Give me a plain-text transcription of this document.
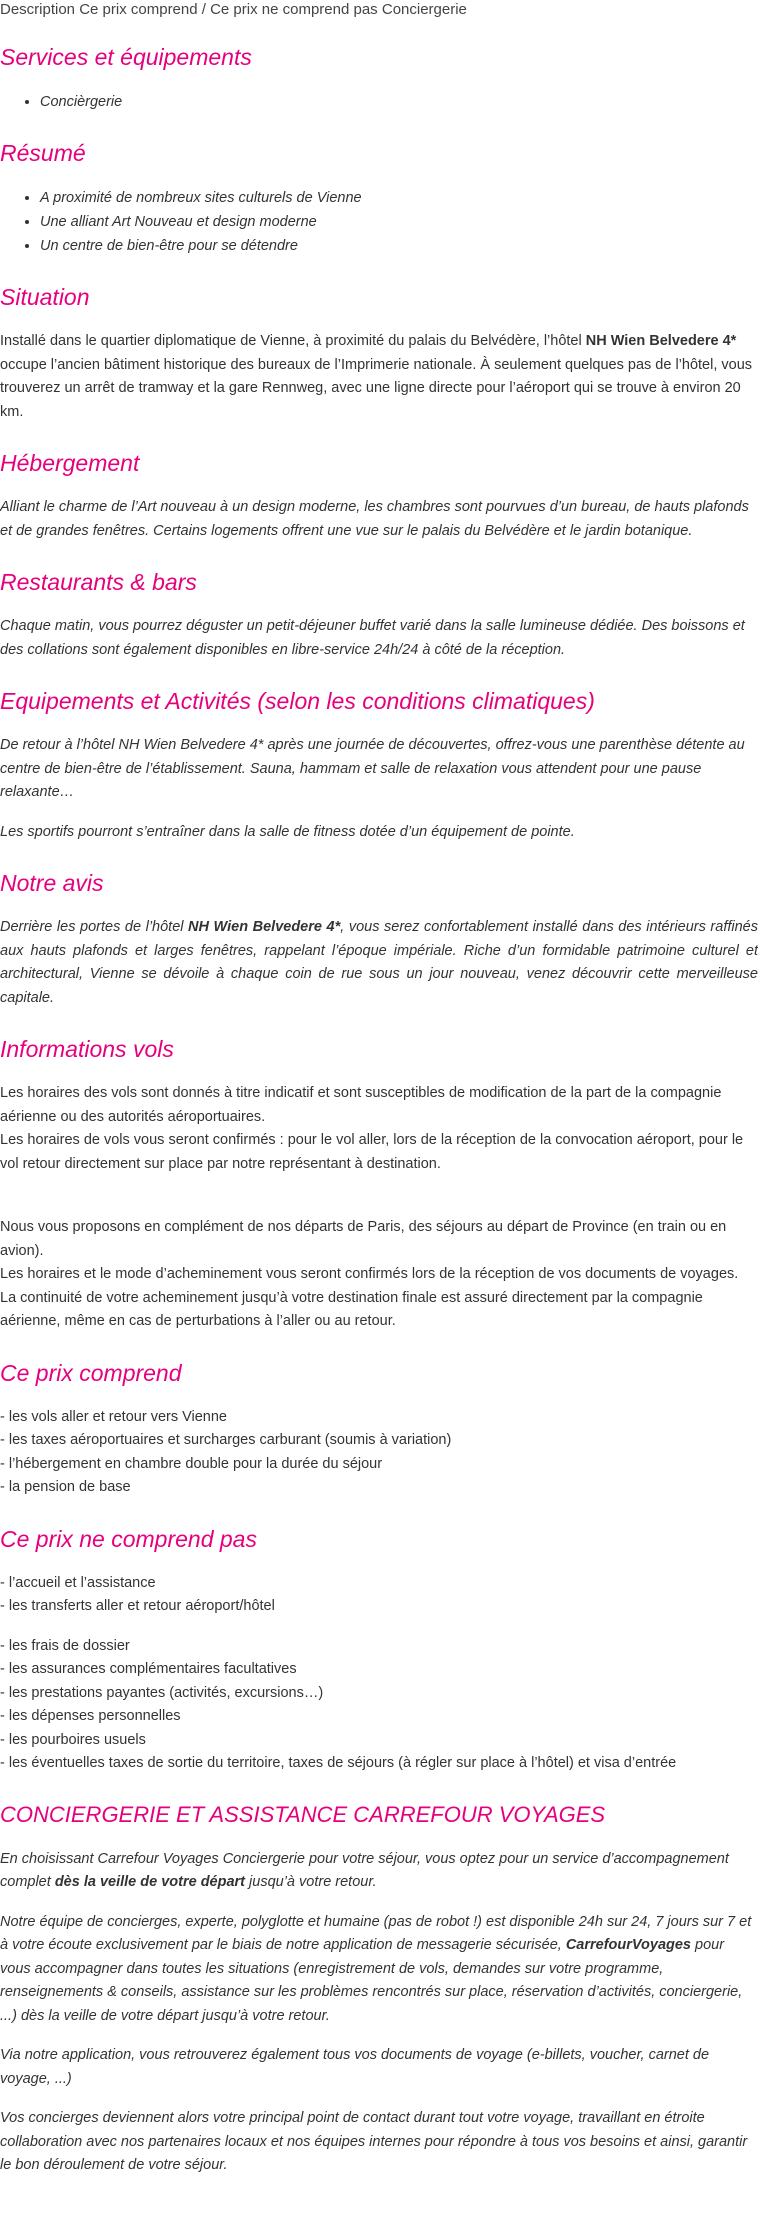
Description Ce prix comprend / Ce prix ne comprend pas Conciergerie
Services et équipements
• Concièrgerie
Résumé
• A proximité de nombreux sites culturels de Vienne
• Une alliant Art Nouveau et design moderne
• Un centre de bien-être pour se détendre
Situation

Installé dans le quartier diplomatique de Vienne, à proximité du palais du Belvédère, l’hôtel NH Wien Belvedere 4* occupe l’ancien bâtiment historique des bureaux de l’Imprimerie nationale. À seulement quelques pas de l’hôtel, vous trouverez un arrêt de tramway et la gare Rennweg, avec une ligne directe pour l’aéroport qui se trouve à environ 20 km.

Hébergement

Alliant le charme de l’Art nouveau à un design moderne, les chambres sont pourvues d’un bureau, de hauts plafonds et de grandes fenêtres. Certains logements offrent une vue sur le palais du Belvédère et le jardin botanique.

Restaurants & bars

Chaque matin, vous pourrez déguster un petit-déjeuner buffet varié dans la salle lumineuse dédiée. Des boissons et des collations sont également disponibles en libre-service 24h/24 à côté de la réception.

Equipements et Activités (selon les conditions climatiques)

De retour à l’hôtel NH Wien Belvedere 4* après une journée de découvertes, offrez-vous une parenthèse détente au centre de bien-être de l’établissement. Sauna, hammam et salle de relaxation vous attendent pour une pause relaxante…

Les sportifs pourront s’entraîner dans la salle de fitness dotée d’un équipement de pointe.

Notre avis

Derrière les portes de l’hôtel NH Wien Belvedere 4*, vous serez confortablement installé dans des intérieurs raffinés aux hauts plafonds et larges fenêtres, rappelant l’époque impériale. Riche d’un formidable patrimoine culturel et architectural, Vienne se dévoile à chaque coin de rue sous un jour nouveau, venez découvrir cette merveilleuse capitale.

Informations vols

Les horaires des vols sont donnés à titre indicatif et sont susceptibles de modification de la part de la compagnie aérienne ou des autorités aéroportuaires.
Les horaires de vols vous seront confirmés : pour le vol aller, lors de la réception de la convocation aéroport, pour le vol retour directement sur place par notre représentant à destination.

Nous vous proposons en complément de nos départs de Paris, des séjours au départ de Province (en train ou en avion).
Les horaires et le mode d’acheminement vous seront confirmés lors de la réception de vos documents de voyages.
La continuité de votre acheminement jusqu’à votre destination finale est assuré directement par la compagnie aérienne, même en cas de perturbations à l’aller ou au retour.

Ce prix comprend

- les vols aller et retour vers Vienne
- les taxes aéroportuaires et surcharges carburant (soumis à variation)
- l’hébergement en chambre double pour la durée du séjour
- la pension de base

Ce prix ne comprend pas

- l’accueil et l’assistance
- les transferts aller et retour aéroport/hôtel

- les frais de dossier
- les assurances complémentaires facultatives
- les prestations payantes (activités, excursions…)
- les dépenses personnelles
- les pourboires usuels
- les éventuelles taxes de sortie du territoire, taxes de séjours (à régler sur place à l’hôtel) et visa d’entrée

CONCIERGERIE ET ASSISTANCE CARREFOUR VOYAGES

En choisissant Carrefour Voyages Conciergerie pour votre séjour, vous optez pour un service d’accompagnement complet dès la veille de votre départ jusqu’à votre retour.

Notre équipe de concierges, experte, polyglotte et humaine (pas de robot !) est disponible 24h sur 24, 7 jours sur 7 et à votre écoute exclusivement par le biais de notre application de messagerie sécurisée, CarrefourVoyages pour vous accompagner dans toutes les situations (enregistrement de vols, demandes sur votre programme, renseignements & conseils, assistance sur les problèmes rencontrés sur place, réservation d’activités, conciergerie, ...) dès la veille de votre départ jusqu’à votre retour.

Via notre application, vous retrouverez également tous vos documents de voyage (e-billets, voucher, carnet de voyage, ...)

Vos concierges deviennent alors votre principal point de contact durant tout votre voyage, travaillant en étroite collaboration avec nos partenaires locaux et nos équipes internes pour répondre à tous vos besoins et ainsi, garantir le bon déroulement de votre séjour.
